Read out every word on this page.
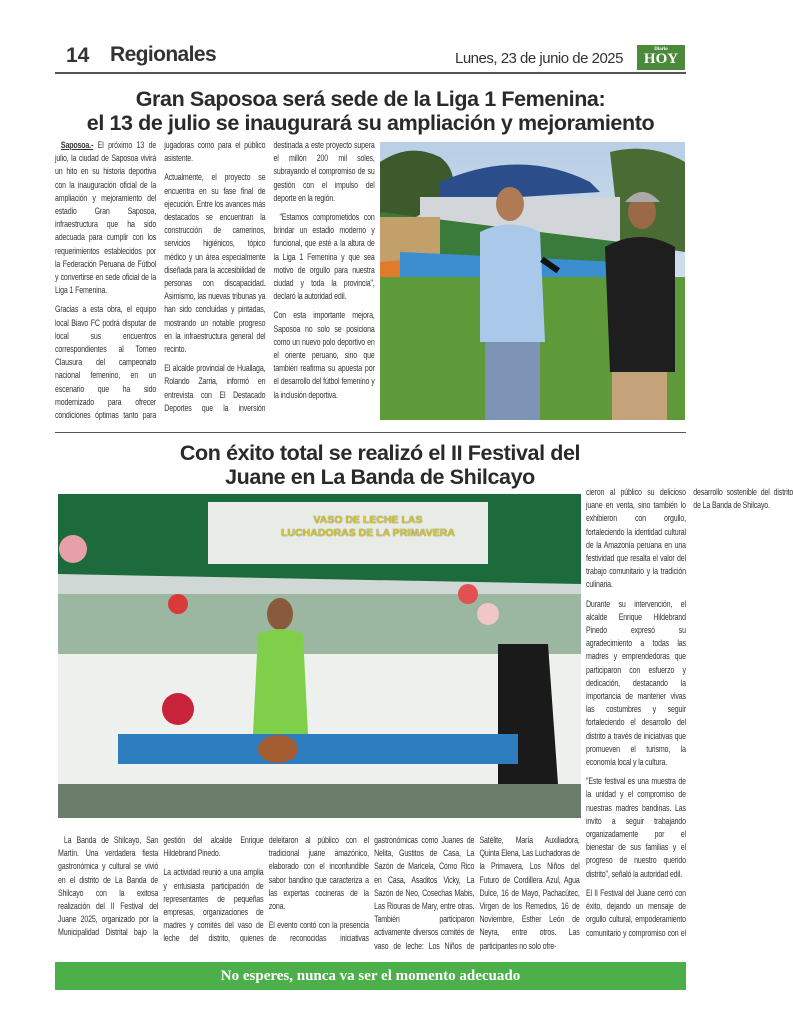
14 Regionales	Lunes, 23 de junio de 2025
Diario
HOY
Gran Saposoa será sede de la Liga 1 Femenina:
el 13 de julio se inaugurará su ampliación y mejoramiento

Saposoa.- El próximo 13 de julio, la ciudad de Saposoa vivirá un hito en su historia deportiva con la inauguración oficial de la ampliación y mejoramiento del estadio Gran Saposoa, infraestructura que ha sido adecuada para cumplir con los requerimientos establecidos por la Federación Peruana de Fútbol y convertirse en sede oficial de la Liga 1 Femenina.

Gracias a esta obra, el equipo local Biavo FC podrá disputar de local sus encuentros correspondientes al Torneo Clausura del campeonato nacional femenino, en un escenario que ha sido modernizado para ofrecer condiciones óptimas tanto para jugadoras como para el público asistente.

Actualmente, el proyecto se encuentra en su fase final de ejecución. Entre los avances más destacados se encuentran la construcción de camerinos, servicios higiénicos, tópico médico y un área especialmente diseñada para la accesibilidad de personas con discapacidad. Asimismo, las nuevas tribunas ya han sido concluidas y pintadas, mostrando un notable progreso en la infraestructura general del recinto.

El alcalde provincial de Huallaga, Rolando Zarria, informó en entrevista con El Destacado Deportes que la inversión destinada a este proyecto supera el millón 200 mil soles, subrayando el compromiso de su gestión con el impulso del deporte en la región.

"Estamos comprometidos con brindar un estadio moderno y funcional, que esté a la altura de la Liga 1 Femenina y que sea motivo de orgullo para nuestra ciudad y toda la provincia", declaró la autoridad edil.

Con esta importante mejora, Saposoa no solo se posiciona como un nuevo polo deportivo en el oriente peruano, sino que también reafirma su apuesta por el desarrollo del fútbol femenino y la inclusión deportiva.

Con éxito total se realizó el II Festival del
Juane en La Banda de Shilcayo
VASO DE LECHE LAS
LUCHADORAS DE LA PRIMAVERA

La Banda de Shilcayo, San Martín. Una verdadera fiesta gastronómica y cultural se vivió en el distrito de La Banda de Shilcayo con la exitosa realización del II Festival del Juane 2025, organizado por la Municipalidad Distrital bajo la gestión del alcalde Enrique Hildebrand Pinedo.

La actividad reunió a una amplia y entusiasta participación de representantes de pequeñas empresas, organizaciones de madres y comités del vaso de leche del distrito, quienes deleitaron al público con el tradicional juane amazónico, elaborado con el inconfundible sabor bandino que caracteriza a las expertas cocineras de la zona.

El evento contó con la presencia de reconocidas iniciativas gastronómicas como Juanes de Nelita, Gustitos de Casa, La Sazón de Maricela, Como Rico en Casa, Asaditos Vicky, La Sazón de Neo, Cosechas Mabis, Las Riouras de Mary, entre otras. También participaron activamente diversos comités de vaso de leche: Los Niños de Satélite, María Auxiliadora, Quinta Elena, Las Luchadoras de la Primavera, Los Niños del Futuro de Cordillera Azul, Agua Dulce, 16 de Mayo, Pachacútec, Virgen de los Remedios, 16 de Noviembre, Esther León de Neyra, entre otros. Las participantes no solo ofre-

cieron al público su delicioso juane en venta, sino también lo exhibieron con orgullo, fortaleciendo la identidad cultural de la Amazonía peruana en una festividad que resalta el valor del trabajo comunitario y la tradición culinaria.

Durante su intervención, el alcalde Enrique Hildebrand Pinedo expresó su agradecimiento a todas las madres y emprendedoras que participaron con esfuerzo y dedicación, destacando la importancia de mantener vivas las costumbres y seguir fortaleciendo el desarrollo del distrito a través de iniciativas que promueven el turismo, la economía local y la cultura.

"Este festival es una muestra de la unidad y el compromiso de nuestras madres bandinas. Las invito a seguir trabajando organizadamente por el bienestar de sus familias y el progreso de nuestro querido distrito", señaló la autoridad edil.

El II Festival del Juane cerró con éxito, dejando un mensaje de orgullo cultural, empoderamiento comunitario y compromiso con el desarrollo sostenible del distrito de La Banda de Shilcayo.

No esperes, nunca va ser el momento adecuado
